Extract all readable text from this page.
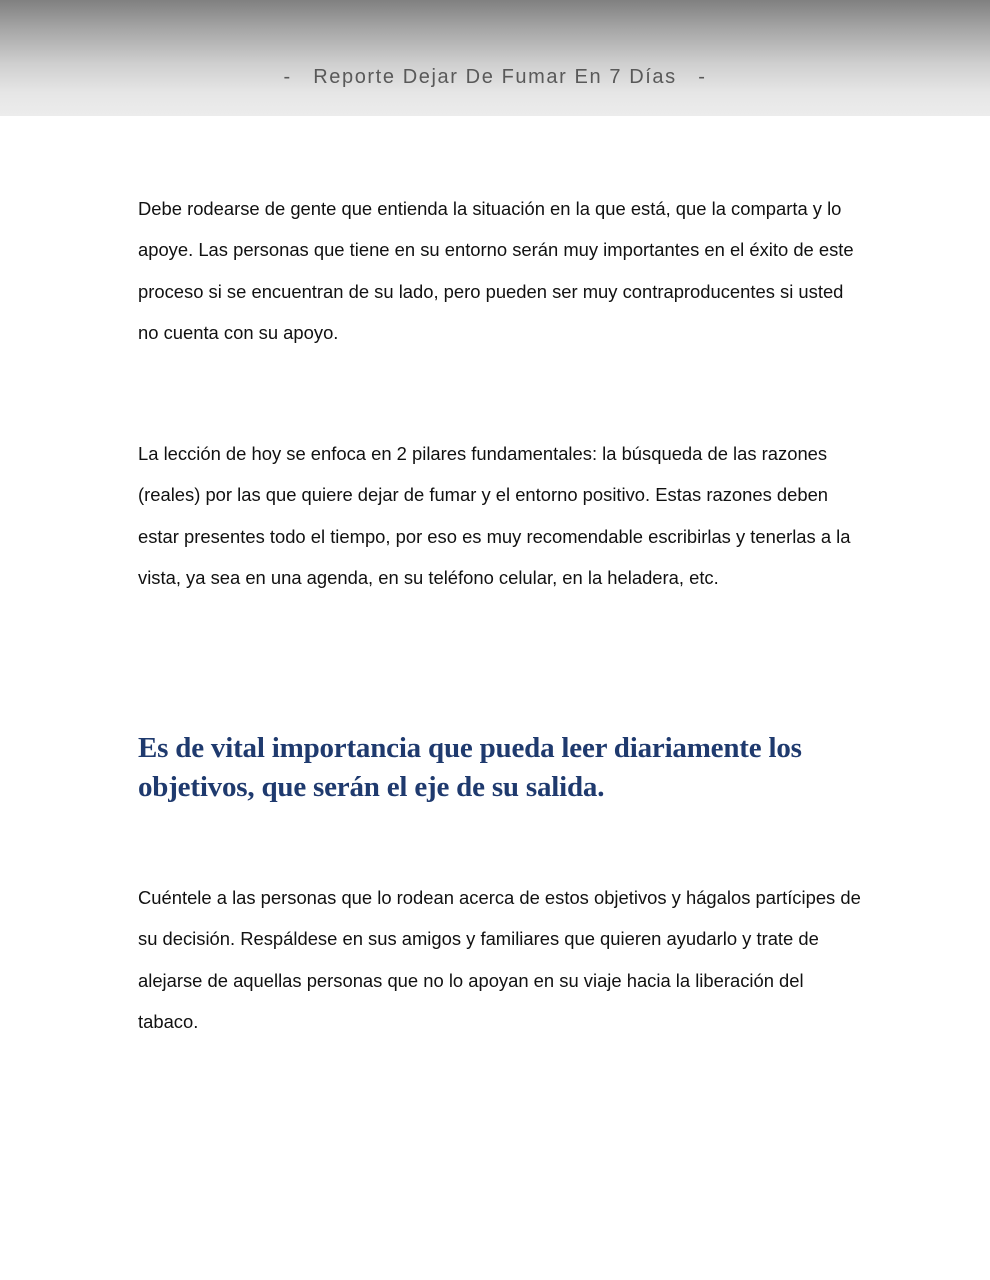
-   Reporte Dejar De Fumar En 7 Días   -

Debe rodearse de gente que entienda la situación en la que está, que la comparta y lo apoye. Las personas que tiene en su entorno serán muy importantes en el éxito de este proceso si se encuentran de su lado, pero pueden ser muy contraproducentes si usted no cuenta con su apoyo.

La lección de hoy se enfoca en 2 pilares fundamentales: la búsqueda de las razones (reales) por las que quiere dejar de fumar y el entorno positivo. Estas razones deben estar presentes todo el tiempo, por eso es muy recomendable escribirlas y tenerlas a la vista, ya sea en una agenda, en su teléfono celular, en la heladera, etc.

Es de vital importancia que pueda leer diariamente los objetivos, que serán el eje de su salida.

Cuéntele a las personas que lo rodean acerca de estos objetivos y hágalos partícipes de su decisión. Respáldese en sus amigos y familiares que quieren ayudarlo y trate de alejarse de aquellas personas que no lo apoyan en su viaje hacia la liberación del tabaco.
